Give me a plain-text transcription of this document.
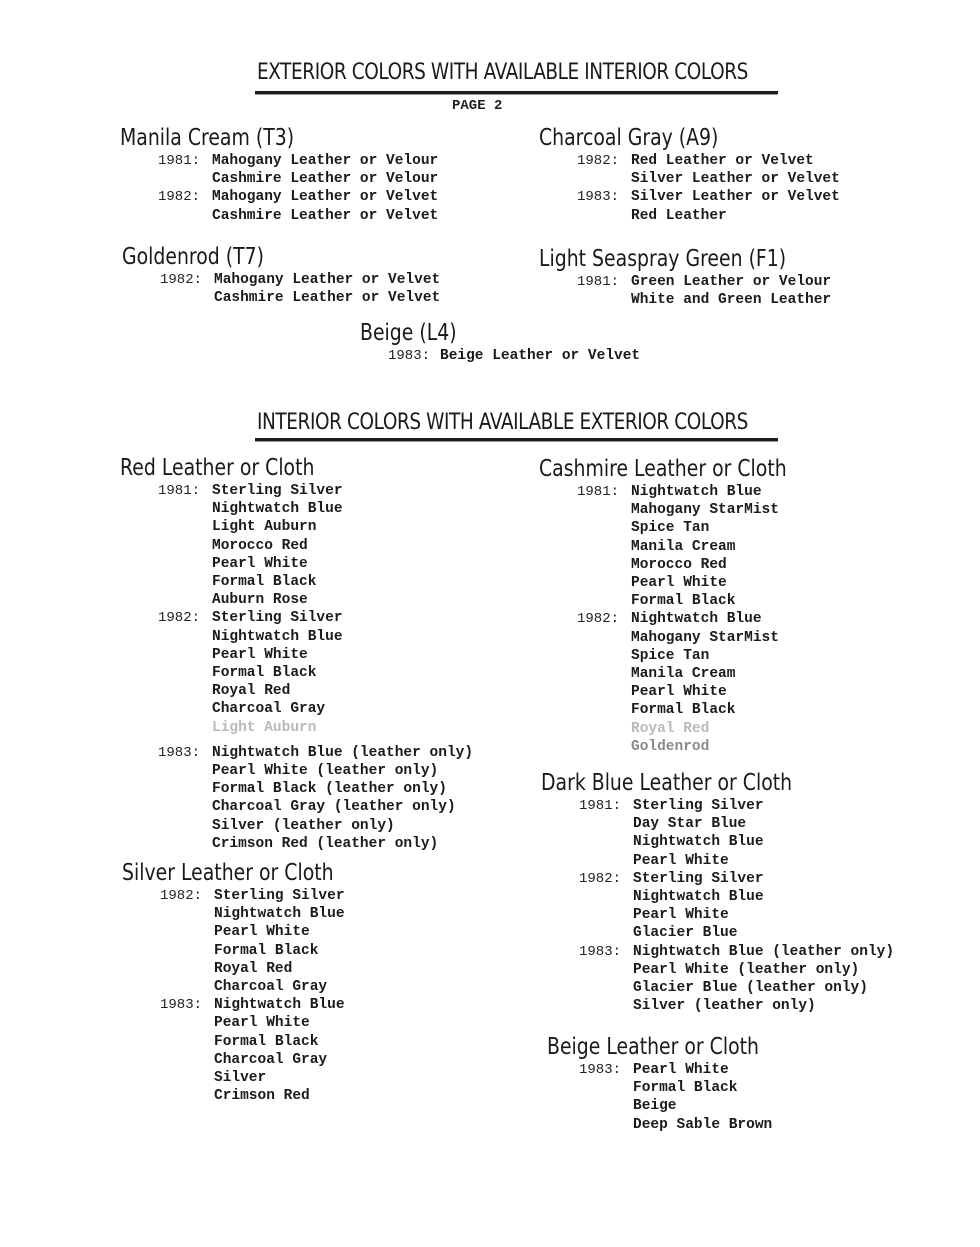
EXTERIOR COLORS WITH AVAILABLE INTERIOR COLORS
PAGE 2
Manila Cream (T3)
1981: Mahogany Leather or Velour
Cashmire Leather or Velour
1982: Mahogany Leather or Velvet
Cashmire Leather or Velvet
Charcoal Gray (A9)
1982: Red Leather or Velvet
Silver Leather or Velvet
1983: Silver Leather or Velvet
Red Leather
Goldenrod (T7)
1982: Mahogany Leather or Velvet
Cashmire Leather or Velvet
Light Seaspray Green (F1)
1981: Green Leather or Velour
White and Green Leather
Beige (L4)
1983: Beige Leather or Velvet
INTERIOR COLORS WITH AVAILABLE EXTERIOR COLORS
Red Leather or Cloth
1981: Sterling Silver
Nightwatch Blue
Light Auburn
Morocco Red
Pearl White
Formal Black
Auburn Rose
1982: Sterling Silver
Nightwatch Blue
Pearl White
Formal Black
Royal Red
Charcoal Gray
Light Auburn
1983: Nightwatch Blue (leather only)
Pearl White (leather only)
Formal Black (leather only)
Charcoal Gray (leather only)
Silver (leather only)
Crimson Red (leather only)
Cashmire Leather or Cloth
1981: Nightwatch Blue
Mahogany StarMist
Spice Tan
Manila Cream
Morocco Red
Pearl White
Formal Black
1982: Nightwatch Blue
Mahogany StarMist
Spice Tan
Manila Cream
Pearl White
Formal Black
Royal Red
Goldenrod
Dark Blue Leather or Cloth
1981: Sterling Silver
Day Star Blue
Nightwatch Blue
Pearl White
1982: Sterling Silver
Nightwatch Blue
Pearl White
Glacier Blue
1983: Nightwatch Blue (leather only)
Pearl White (leather only)
Glacier Blue (leather only)
Silver (leather only)
Silver Leather or Cloth
1982: Sterling Silver
Nightwatch Blue
Pearl White
Formal Black
Royal Red
Charcoal Gray
1983: Nightwatch Blue
Pearl White
Formal Black
Charcoal Gray
Silver
Crimson Red
Beige Leather or Cloth
1983: Pearl White
Formal Black
Beige
Deep Sable Brown
